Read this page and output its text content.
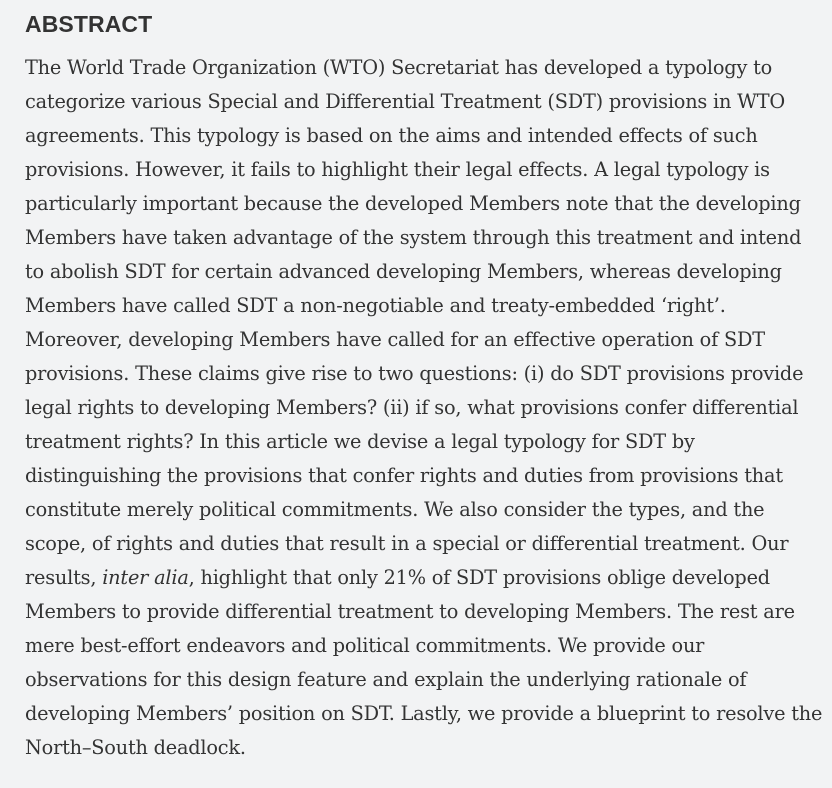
ABSTRACT

The World Trade Organization (WTO) Secretariat has developed a typology to categorize various Special and Differential Treatment (SDT) provisions in WTO agreements. This typology is based on the aims and intended effects of such provisions. However, it fails to highlight their legal effects. A legal typology is particularly important because the developed Members note that the developing Members have taken advantage of the system through this treatment and intend to abolish SDT for certain advanced developing Members, whereas developing Members have called SDT a non-negotiable and treaty-embedded ‘right’. Moreover, developing Members have called for an effective operation of SDT provisions. These claims give rise to two questions: (i) do SDT provisions provide legal rights to developing Members? (ii) if so, what provisions confer differential treatment rights? In this article we devise a legal typology for SDT by distinguishing the provisions that confer rights and duties from provisions that constitute merely political commitments. We also consider the types, and the scope, of rights and duties that result in a special or differential treatment. Our results, inter alia, highlight that only 21% of SDT provisions oblige developed Members to provide differential treatment to developing Members. The rest are mere best-effort endeavors and political commitments. We provide our observations for this design feature and explain the underlying rationale of developing Members’ position on SDT. Lastly, we provide a blueprint to resolve the North–South deadlock.
